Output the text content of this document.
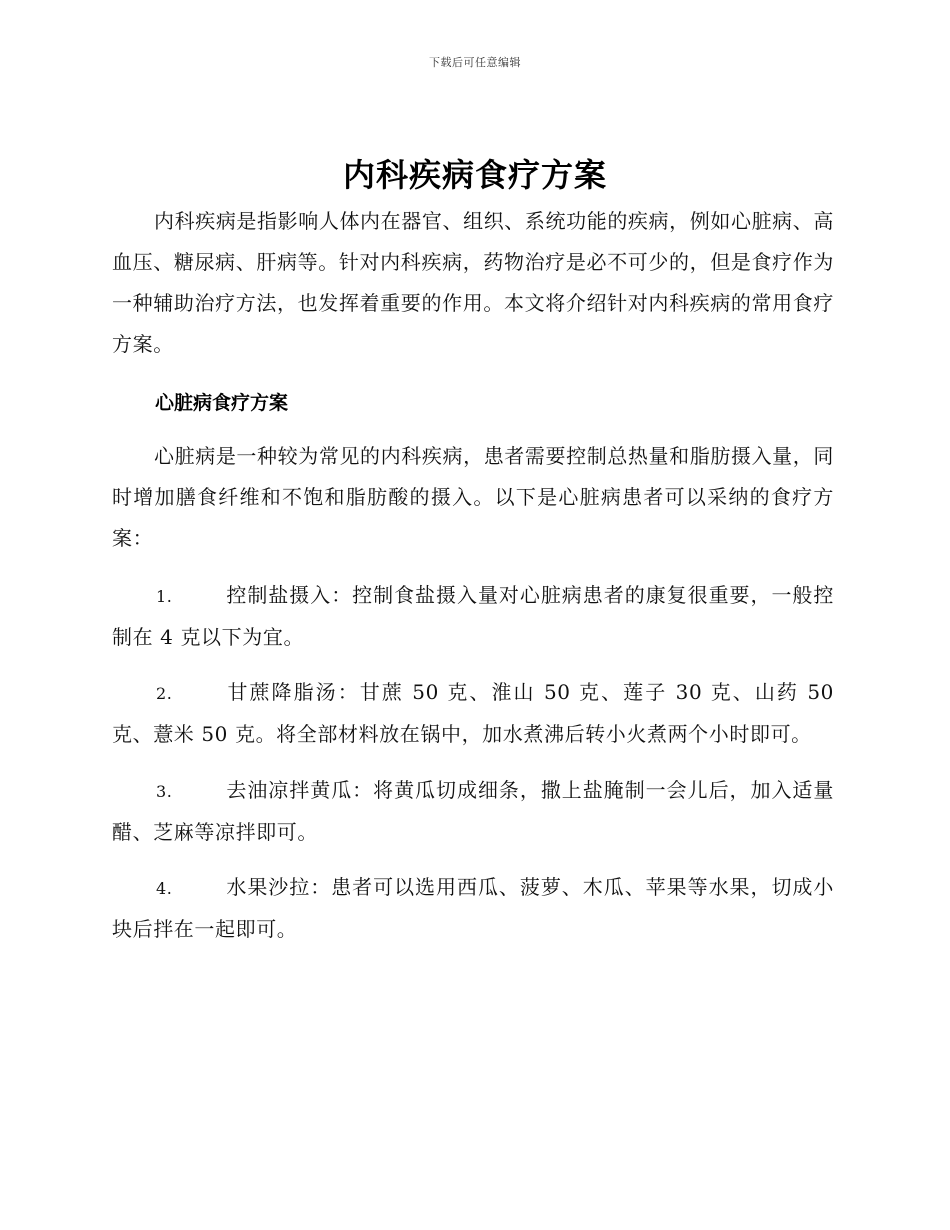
下载后可任意编辑
内科疾病食疗方案
内科疾病是指影响人体内在器官、组织、系统功能的疾病，例如心脏病、高血压、糖尿病、肝病等。针对内科疾病，药物治疗是必不可少的，但是食疗作为一种辅助治疗方法，也发挥着重要的作用。本文将介绍针对内科疾病的常用食疗方案。
心脏病食疗方案
心脏病是一种较为常见的内科疾病，患者需要控制总热量和脂肪摄入量，同时增加膳食纤维和不饱和脂肪酸的摄入。以下是心脏病患者可以采纳的食疗方案：
1.	控制盐摄入：控制食盐摄入量对心脏病患者的康复很重要，一般控制在 4 克以下为宜。
2.	甘蔗降脂汤：甘蔗 50 克、淮山 50 克、莲子 30 克、山药 50 克、薏米 50 克。将全部材料放在锅中，加水煮沸后转小火煮两个小时即可。
3.	去油凉拌黄瓜：将黄瓜切成细条，撒上盐腌制一会儿后，加入适量醋、芝麻等凉拌即可。
4.	水果沙拉：患者可以选用西瓜、菠萝、木瓜、苹果等水果，切成小块后拌在一起即可。
